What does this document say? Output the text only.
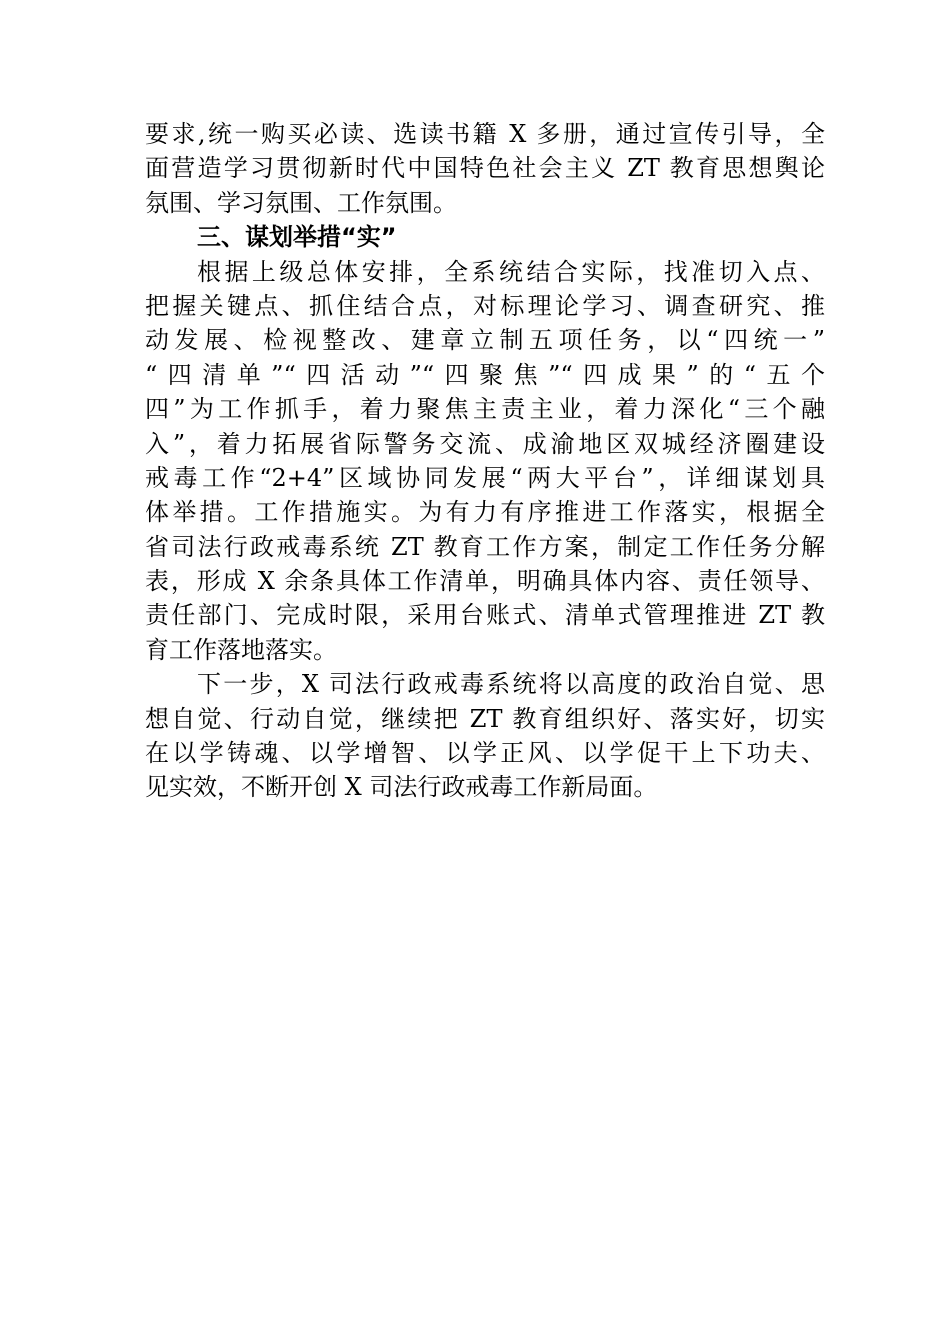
要求,统一购买必读、选读书籍 X 多册，通过宣传引导，全
面营造学习贯彻新时代中国特色社会主义 ZT 教育思想舆论
氛围、学习氛围、工作氛围。
三、谋划举措“实”
根据上级总体安排，全系统结合实际，找准切入点、
把握关键点、抓住结合点，对标理论学习、调查研究、推
动发展、检视整改、建章立制五项任务，以“四统一”
“四清单”“四活动”“四聚焦”“四成果”的“五个
四”为工作抓手，着力聚焦主责主业，着力深化“三个融
入”，着力拓展省际警务交流、成渝地区双城经济圈建设
戒毒工作“2+4”区域协同发展“两大平台”，详细谋划具
体举措。工作措施实。为有力有序推进工作落实，根据全
省司法行政戒毒系统 ZT 教育工作方案，制定工作任务分解
表，形成 X 余条具体工作清单，明确具体内容、责任领导、
责任部门、完成时限，采用台账式、清单式管理推进 ZT 教
育工作落地落实。
下一步，X 司法行政戒毒系统将以高度的政治自觉、思
想自觉、行动自觉，继续把 ZT 教育组织好、落实好，切实
在以学铸魂、以学增智、以学正风、以学促干上下功夫、
见实效，不断开创 X 司法行政戒毒工作新局面。
